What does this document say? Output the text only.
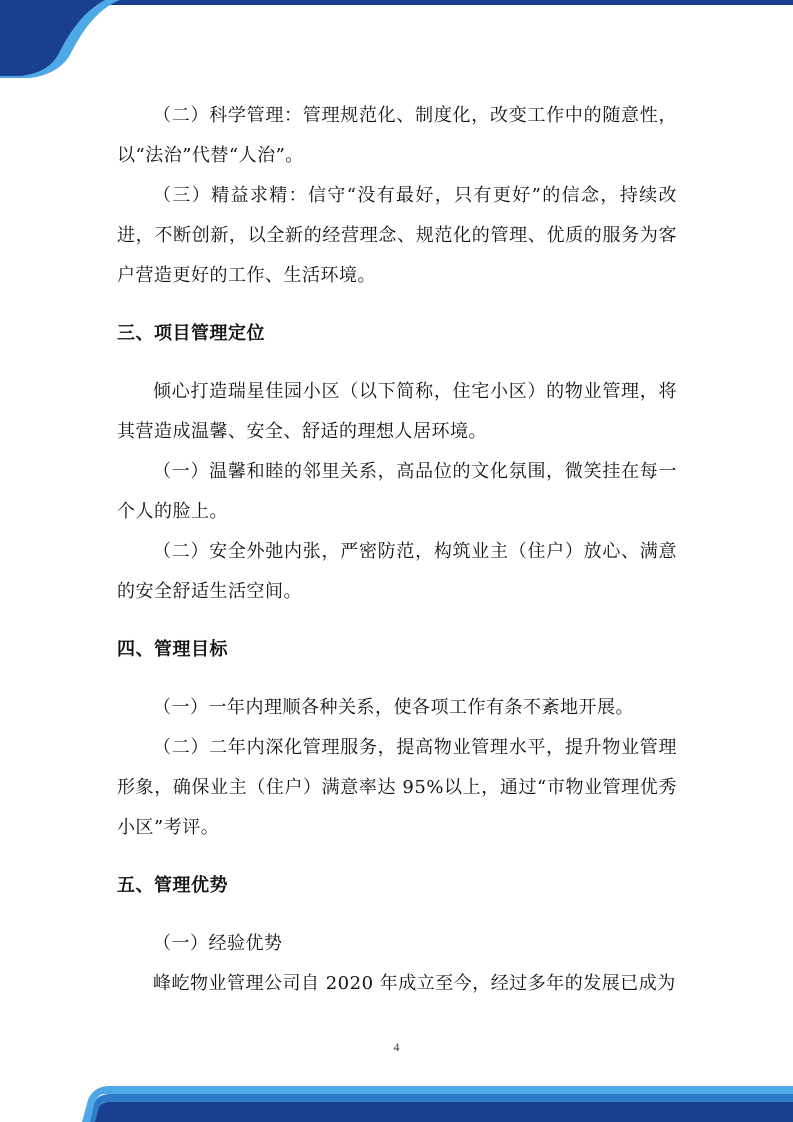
（二）科学管理：管理规范化、制度化，改变工作中的随意性，以“法治”代替“人治”。

（三）精益求精：信守“没有最好，只有更好”的信念，持续改进，不断创新，以全新的经营理念、规范化的管理、优质的服务为客户营造更好的工作、生活环境。

三、项目管理定位

倾心打造瑞星佳园小区（以下简称，住宅小区）的物业管理，将其营造成温馨、安全、舒适的理想人居环境。

（一）温馨和睦的邻里关系，高品位的文化氛围，微笑挂在每一个人的脸上。

（二）安全外弛内张，严密防范，构筑业主（住户）放心、满意的安全舒适生活空间。

四、管理目标

（一）一年内理顺各种关系，使各项工作有条不紊地开展。

（二）二年内深化管理服务，提高物业管理水平，提升物业管理形象，确保业主（住户）满意率达 95%以上，通过“市物业管理优秀小区”考评。

五、管理优势

（一）经验优势

峰屹物业管理公司自 2020 年成立至今，经过多年的发展已成为

4
